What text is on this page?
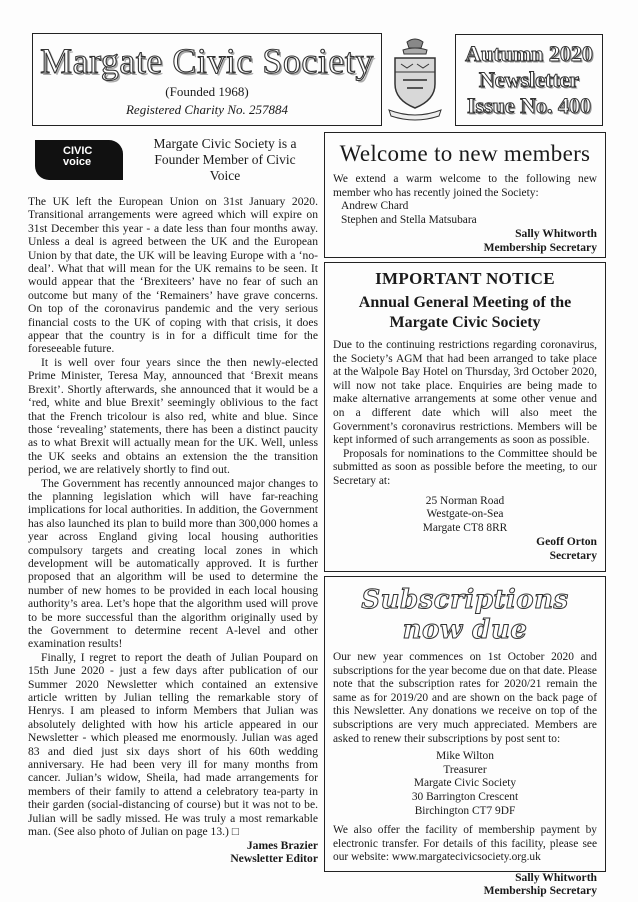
Margate Civic Society
(Founded 1968)
Registered Charity No. 257884
Autumn 2020
Newsletter
Issue No. 400
CIVIC
voice
Margate Civic Society is a Founder Member of Civic Voice

The UK left the European Union on 31st January 2020. Transitional arrangements were agreed which will expire on 31st December this year - a date less than four months away. Unless a deal is agreed between the UK and the European Union by that date, the UK will be leaving Europe with a ‘no-deal’. What that will mean for the UK remains to be seen. It would appear that the ‘Brexiteers’ have no fear of such an outcome but many of the ‘Remainers’ have grave concerns. On top of the coronavirus pandemic and the very serious financial costs to the UK of coping with that crisis, it does appear that the country is in for a difficult time for the foreseeable future.

It is well over four years since the then newly-elected Prime Minister, Teresa May, announced that ‘Brexit means Brexit’. Shortly afterwards, she announced that it would be a ‘red, white and blue Brexit’ seemingly oblivious to the fact that the French tricolour is also red, white and blue. Since those ‘revealing’ statements, there has been a distinct paucity as to what Brexit will actually mean for the UK. Well, unless the UK seeks and obtains an extension the the transition period, we are relatively shortly to find out.

The Government has recently announced major changes to the planning legislation which will have far-reaching implications for local authorities. In addition, the Government has also launched its plan to build more than 300,000 homes a year across England giving local housing authorities compulsory targets and creating local zones in which development will be automatically approved. It is further proposed that an algorithm will be used to determine the number of new homes to be provided in each local housing authority’s area. Let’s hope that the algorithm used will prove to be more successful than the algorithm originally used by the Government to determine recent A-level and other examination results!

Finally, I regret to report the death of Julian Poupard on 15th June 2020 - just a few days after publication of our Summer 2020 Newsletter which contained an extensive article written by Julian telling the remarkable story of Henrys. I am pleased to inform Members that Julian was absolutely delighted with how his article appeared in our Newsletter - which pleased me enormously. Julian was aged 83 and died just six days short of his 60th wedding anniversary. He had been very ill for many months from cancer. Julian’s widow, Sheila, had made arrangements for members of their family to attend a celebratory tea-party in their garden (social-distancing of course) but it was not to be. Julian will be sadly missed. He was truly a most remarkable man. (See also photo of Julian on page 13.) □

James Brazier
Newsletter Editor
Welcome to new members
We extend a warm welcome to the following new member who has recently joined the Society:
Andrew Chard
Stephen and Stella Matsubara
Sally Whitworth
Membership Secretary
IMPORTANT NOTICE
Annual General Meeting of the Margate Civic Society
Due to the continuing restrictions regarding coronavirus, the Society’s AGM that had been arranged to take place at the Walpole Bay Hotel on Thursday, 3rd October 2020, will now not take place. Enquiries are being made to make alternative arrangements at some other venue and on a different date which will also meet the Government’s coronavirus restrictions. Members will be kept informed of such arrangements as soon as possible.
Proposals for nominations to the Committee should be submitted as soon as possible before the meeting, to our Secretary at:
25 Norman Road
Westgate-on-Sea
Margate CT8 8RR
Geoff Orton
Secretary
Subscriptions now due
Our new year commences on 1st October 2020 and subscriptions for the year become due on that date. Please note that the subscription rates for 2020/21 remain the same as for 2019/20 and are shown on the back page of this Newsletter. Any donations we receive on top of the subscriptions are very much appreciated. Members are asked to renew their subscriptions by post sent to:
Mike Wilton
Treasurer
Margate Civic Society
30 Barrington Crescent
Birchington CT7 9DF
We also offer the facility of membership payment by electronic transfer. For details of this facility, please see our website: www.margatecivicsociety.org.uk
Sally Whitworth
Membership Secretary
